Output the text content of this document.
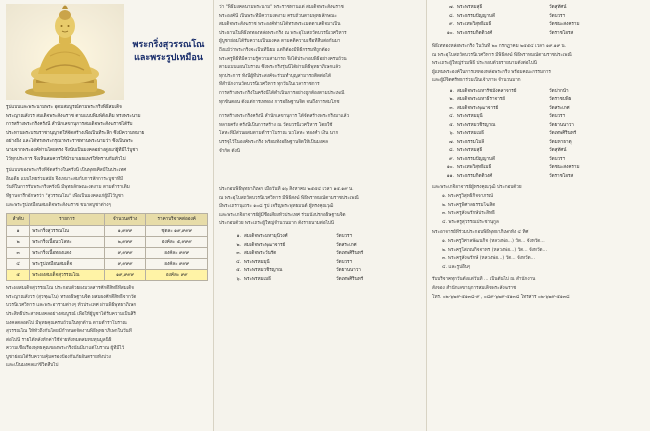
พระกริ่งสุวรรณโณ
และพระรูปเหมือน
รูปแบบและพระนามพระ อุดมสมบูรณ์ตามพระกริ่งพิธีสมเด็จ
พระญาณสังวร สมเด็จพระสังฆราช ตามแบบพิมพ์ดั้งเดิม ทรงพระนาม
การสร้างพระกริ่งครั้งนี้ สำนักเลขานุการสมเด็จพระสังฆราชได้รับ
ประทานพระบรมราชานุญาตให้จัดสร้างเพื่อเป็นที่ระลึก ซึ่งมีความหมาย
อย่างยิ่ง และได้ทรงพระกรุณาพระราชทานพระนามว่า ซึ่งเป็นพระ
นามจากพระองค์ท่านโดยตรง จึงนับเป็นมงคลอย่างสูงแก่ผู้ที่มีไว้บูชา
ไว้ทุกประการ จึงเห็นสมควรให้นำมาเผยแพร่ให้ทราบกันทั่วไป
รูปแบบของพระกริ่งที่จัดสร้างในครั้งนี้ เป็นพุทธศิลป์ในประเทศ
อินเดีย แบบไทยร่วมสมัย จึงเหมาะสมกับการสักการะบูชาที่มี
วันที่ในการรับพระกริ่งครั้งนี้ มีพุทธลักษณะงดงาม ตามตำราเดิม
ที่ฐานจารึกอักษรว่า "สุวรรณโณ" เพื่อเป็นมงคลแก่ผู้มีไว้บูชา
และพระรูปเหมือนสมเด็จพระสังฆราช ขนาดบูชาต่างๆ
ลำดับ	รายการ	จำนวนสร้าง	ราคาบริจาคต่อองค์
๑	พระกริ่งสุวรรณโณ	๑,๙๙๙	ชุดละ ๑๙,๙๙๙
๒	พระกริ่งเนื้อนวโลหะ	๒,๙๙๙	องค์ละ ๕,๙๙๙
๓	พระกริ่งเนื้อทองแดง	๙,๙๙๙	องค์ละ ๙๙๙
๔	พระรูปเหมือนสมเด็จ	๙,๙๙๙	องค์ละ ๙๙๙
๕	พระผงสมเด็จสุวรรณโณ	๑๙,๙๙๙	องค์ละ ๙๙
พระผงสมเด็จสุวรรณโณ ประกอบด้วยผงมวลสารศักดิ์สิทธิ์ที่สมเด็จ
พระญาณสังวร (สุวฑฺฒโน) ทรงอธิษฐานจิต ผสมผงศักดิ์สิทธิ์จากวัด
บวรนิเวศวิหาร และพระอารามต่างๆ ทั่วประเทศ ผ่านพิธีพุทธาภิเษก
ประสิทธิ์ประสาทมงคลอย่างสมบูรณ์ เพื่อให้ผู้บูชาได้รับความเป็นสิริ
มงคลตลอดไป มีพุทธคุณครบถ้วนในทุกด้าน ตามตำราโบราณ
สุวรรณโณ ให้ทั่วถึงกันโดยมีกำหนดจัดงานพิธีพุทธาภิเษกในวันที่
ต่อไปนี้ รายได้หลังหักค่าใช้จ่ายทั้งหมดสมทบทุนมูลนิธิ
ความเชื่อเรื่องพุทธคุณของพระกริ่งนั้นมีมาแต่โบราณ ผู้ที่มีไว้
บูชาย่อมได้รับความคุ้มครองป้องกันภัยอันตรายทั้งปวง
และเป็นมงคลแก่ชีวิตสืบไป
ว่า "พิธีมงคลนามพระนาม" พระราชทานแด่ สมเด็จพระสังฆราช
พระองค์นี้ เป็นพระที่มีความงดงาม ครบถ้วนตามพุทธลักษณะ
สมเด็จพระสังฆราช พระองค์ท่านได้ทรงพระเมตตาเสด็จมาเป็น
ประธานในพิธีเททองหล่อพระกริ่ง ณ พระอุโบสถวัดบวรนิเวศวิหาร
ผู้บูชาย่อมได้รับความเป็นมงคล ตามคติความเชื่อที่สืบต่อกันมา
ถึงแม้ว่าพระกริ่งจะเป็นที่นิยม แต่ก็ต้องมีพิธีกรรมที่ถูกต้อง
พระครูพิธีที่มีความรู้ความสามารถ จึงได้ประกอบพิธีอย่างครบถ้วน
ตามแบบแผนโบราณ ซึ่งพระกริ่งรุ่นนี้ได้ผ่านพิธีพุทธาภิเษกแล้ว
ทุกประการ ทั้งนี้ผู้ที่ประสงค์จะร่วมทำบุญสามารถติดต่อได้
ที่สำนักงานวัดบวรนิเวศวิหาร ทุกวันในเวลาราชการ
การสร้างพระกริ่งในครั้งนี้ได้ดำเนินการอย่างถูกต้องตามประเพณี
ทุกขั้นตอน ตั้งแต่การเททอง การอธิษฐานจิต จนถึงการสมโภช
การสร้างพระกริ่งครั้งนี้ สำนักเลขานุการ ได้จัดสร้างพระกริ่งมาแล้ว
หลายครั้ง ครั้งนี้เป็นการสร้าง ณ วัดบวรนิเวศวิหาร โดยใช้
โลหะที่มีส่วนผสมตามตำราโบราณ นวโลหะ ทองคำ เงิน นาก
บรรจุไว้ในองค์พระกริ่ง พร้อมทั้งอธิษฐานจิตให้เป็นมงคล
จำกัด ดังนี้
ประกอบพิธีพุทธาภิเษก เมื่อวันที่ ๑๖ สิงหาคม ๒๕๕๔ เวลา ๑๕.๑๙ น.
ณ พระอุโบสถวัดบวรนิเวศวิหาร มีพิธีสงฆ์ พิธีพราหมณ์ตามราชประเพณี
มีพระเถรานุเถระ ๑๐๘ รูป เจริญพระพุทธมนต์ ผู้ทรงคุณวุฒิ
และพระเกจิอาจารย์ผู้มีชื่อเสียงทั่วประเทศ ร่วมนั่งปรกอธิษฐานจิต
ประกอบด้วย พระเถระผู้ใหญ่จำนวนมาก ดังรายนามต่อไปนี้
๑. สมเด็จพระมหามุนีวงศ์	วัดบวรฯ
๒. สมเด็จพระพุฒาจารย์	วัดสระเกศ
๓. สมเด็จพระวันรัต	วัดเทพศิรินทร์
๔. พระพรหมมุนี	วัดบวรฯ
๕. พระพรหมวชิรญาณ	วัดยานนาวา
๖. พระพรหมเมธี	วัดเทพศิรินทร์
๗. พระพรหมสุธี	วัดสุทัศน์
๘. พระธรรมปัญญาบดี	วัดบวรฯ
๙. พระเทพวิสุทธิเมธี	วัดชนะสงคราม
๑๐. พระธรรมกิตติวงศ์	วัดราชโอรส
พิธีเททองหล่อพระกริ่ง ในวันที่ ๒๐ กรกฎาคม ๒๕๕๔ เวลา ๑๙.๑๙ น.
ณ พระอุโบสถวัดบวรนิเวศวิหาร มีพิธีสงฆ์ พิธีพราหมณ์ตามราชประเพณี
พระเถระผู้ใหญ่ร่วมพิธี ประกอบด้วยรายนามดังต่อไปนี้
ผู้แทนพระองค์ในการเททองหล่อพระกริ่ง พร้อมคณะกรรมการ
และผู้มีจิตศรัทธาร่วมเป็นเจ้าภาพ จำนวนมาก
๑. สมเด็จพระมหารัชมังคลาจารย์	วัดปากน้ำ
๒. สมเด็จพระมหาธีราจารย์	วัดราชบพิธ
๓. สมเด็จพระพุฒาจารย์	วัดสระเกศ
๔. พระพรหมมุนี	วัดบวรฯ
๕. พระพรหมวชิรญาณ	วัดยานนาวา
๖. พระพรหมเมธี	วัดเทพศิรินทร์
๗. พระธรรมโมลี	วัดมหาธาตุ
๘. พระพรหมสุธี	วัดสุทัศน์
๙. พระธรรมปัญญาบดี	วัดบวรฯ
๑๐. พระเทพวิสุทธิเมธี	วัดชนะสงคราม
๑๑. พระธรรมกิตติวงศ์	วัดราชโอรส
และพระเกจิอาจารย์ผู้ทรงคุณวุฒิ ประกอบด้วย
๑. พระครูวิสุทธิกิจจาภรณ์
๒. พระครูพิศาลธรรมโฆสิต
๓. พระครูสังฆรักษ์ประสิทธิ์
๔. พระครูสุวรรณประชานุกูล
พระอาจารย์ที่ร่วมประกอบพิธีพุทธาภิเษกทั้ง ๔ ทิศ
๑. พระครูวิศาลพัฒนกิจ (หลวงพ่อ...) วัด... จังหวัด...
๒. พระครูโสภณกิจจาทร (หลวงพ่อ...) วัด... จังหวัด...
๓. พระครูสังฆรักษ์ (หลวงพ่อ...) วัด... จังหวัด...
๔. และรูปอื่นๆ
รับบริจาคทุกวันตั้งแต่วันที่ ... เป็นต้นไป ณ สำนักงาน
สั่งจอง สำนักเลขานุการสมเด็จพระสังฆราช
โทร. ๐๒-๖๒๙-๕๑๓๘-๙ , ๐๘๙-๖๒๙-๕๑๓๘ โทรสาร ๐๒-๖๒๙-๕๑๓๘
